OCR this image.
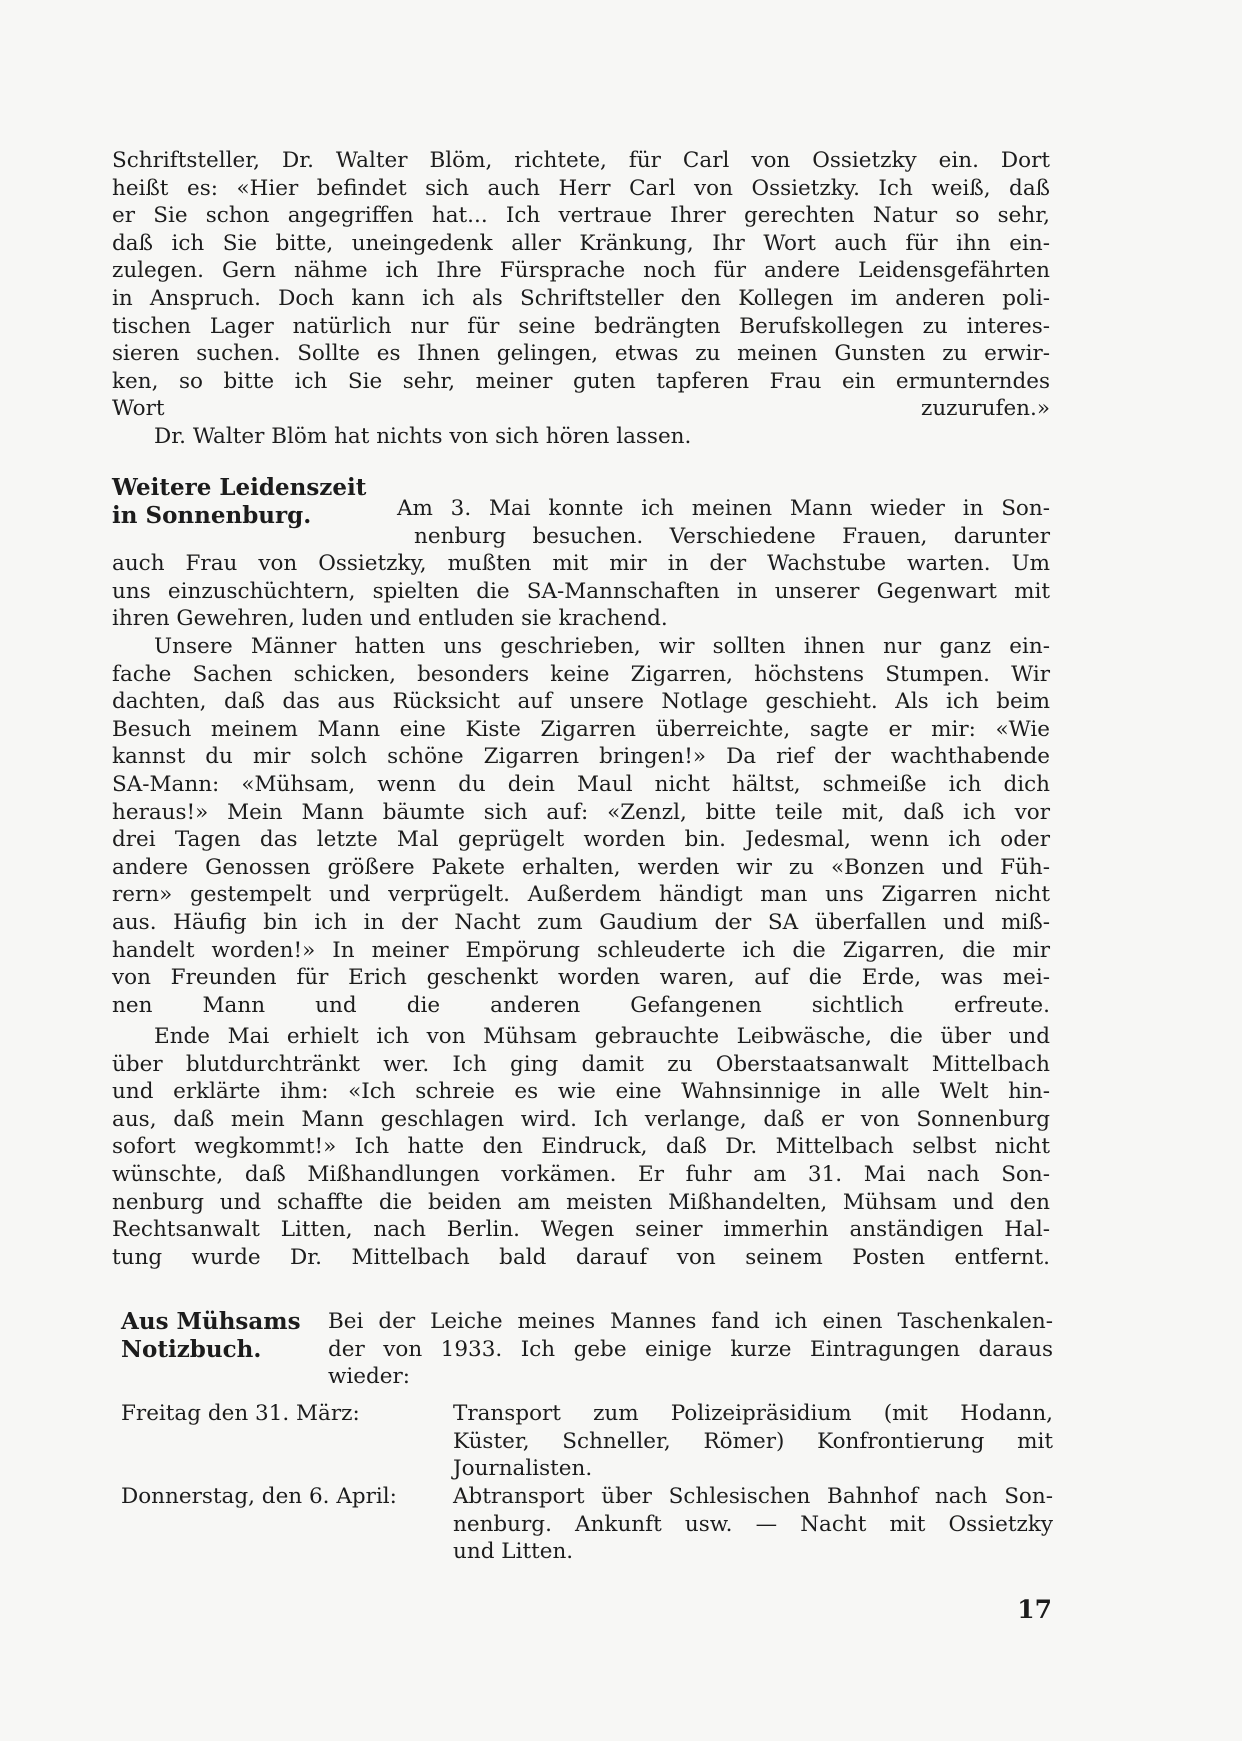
Schriftsteller, Dr. Walter Blöm, richtete, für Carl von Ossietzky ein. Dort
heißt es: «Hier befindet sich auch Herr Carl von Ossietzky. Ich weiß, daß
er Sie schon angegriffen hat... Ich vertraue Ihrer gerechten Natur so sehr,
daß ich Sie bitte, uneingedenk aller Kränkung, Ihr Wort auch für ihn ein-
zulegen. Gern nähme ich Ihre Fürsprache noch für andere Leidensgefährten
in Anspruch. Doch kann ich als Schriftsteller den Kollegen im anderen poli-
tischen Lager natürlich nur für seine bedrängten Berufskollegen zu interes-
sieren suchen. Sollte es Ihnen gelingen, etwas zu meinen Gunsten zu erwir-
ken, so bitte ich Sie sehr, meiner guten tapferen Frau ein ermunterndes
Wort zuzurufen.»
Dr. Walter Blöm hat nichts von sich hören lassen.
Weitere Leidenszeit
in Sonnenburg.	Am 3. Mai konnte ich meinen Mann wieder in Son-
nenburg besuchen. Verschiedene Frauen, darunter
auch Frau von Ossietzky, mußten mit mir in der Wachstube warten. Um
uns einzuschüchtern, spielten die SA-Mannschaften in unserer Gegenwart mit
ihren Gewehren, luden und entluden sie krachend.
Unsere Männer hatten uns geschrieben, wir sollten ihnen nur ganz ein-
fache Sachen schicken, besonders keine Zigarren, höchstens Stumpen. Wir
dachten, daß das aus Rücksicht auf unsere Notlage geschieht. Als ich beim
Besuch meinem Mann eine Kiste Zigarren überreichte, sagte er mir: «Wie
kannst du mir solch schöne Zigarren bringen!» Da rief der wachthabende
SA-Mann: «Mühsam, wenn du dein Maul nicht hältst, schmeiße ich dich
heraus!» Mein Mann bäumte sich auf: «Zenzl, bitte teile mit, daß ich vor
drei Tagen das letzte Mal geprügelt worden bin. Jedesmal, wenn ich oder
andere Genossen größere Pakete erhalten, werden wir zu «Bonzen und Füh-
rern» gestempelt und verprügelt. Außerdem händigt man uns Zigarren nicht
aus. Häufig bin ich in der Nacht zum Gaudium der SA überfallen und miß-
handelt worden!» In meiner Empörung schleuderte ich die Zigarren, die mir
von Freunden für Erich geschenkt worden waren, auf die Erde, was mei-
nen Mann und die anderen Gefangenen sichtlich erfreute.
Ende Mai erhielt ich von Mühsam gebrauchte Leibwäsche, die über und
über blutdurchtränkt wer. Ich ging damit zu Oberstaatsanwalt Mittelbach
und erklärte ihm: «Ich schreie es wie eine Wahnsinnige in alle Welt hin-
aus, daß mein Mann geschlagen wird. Ich verlange, daß er von Sonnenburg
sofort wegkommt!» Ich hatte den Eindruck, daß Dr. Mittelbach selbst nicht
wünschte, daß Mißhandlungen vorkämen. Er fuhr am 31. Mai nach Son-
nenburg und schaffte die beiden am meisten Mißhandelten, Mühsam und den
Rechtsanwalt Litten, nach Berlin. Wegen seiner immerhin anständigen Hal-
tung wurde Dr. Mittelbach bald darauf von seinem Posten entfernt.
Aus Mühsams
Notizbuch.
Bei der Leiche meines Mannes fand ich einen Taschenkalen-
der von 1933. Ich gebe einige kurze Eintragungen daraus
wieder:
Freitag den 31. März:	Transport zum Polizeipräsidium (mit Hodann,
Küster, Schneller, Römer) Konfrontierung mit
Journalisten.
Donnerstag, den 6. April:	Abtransport über Schlesischen Bahnhof nach Son-
nenburg. Ankunft usw. — Nacht mit Ossietzky
und Litten.
17
